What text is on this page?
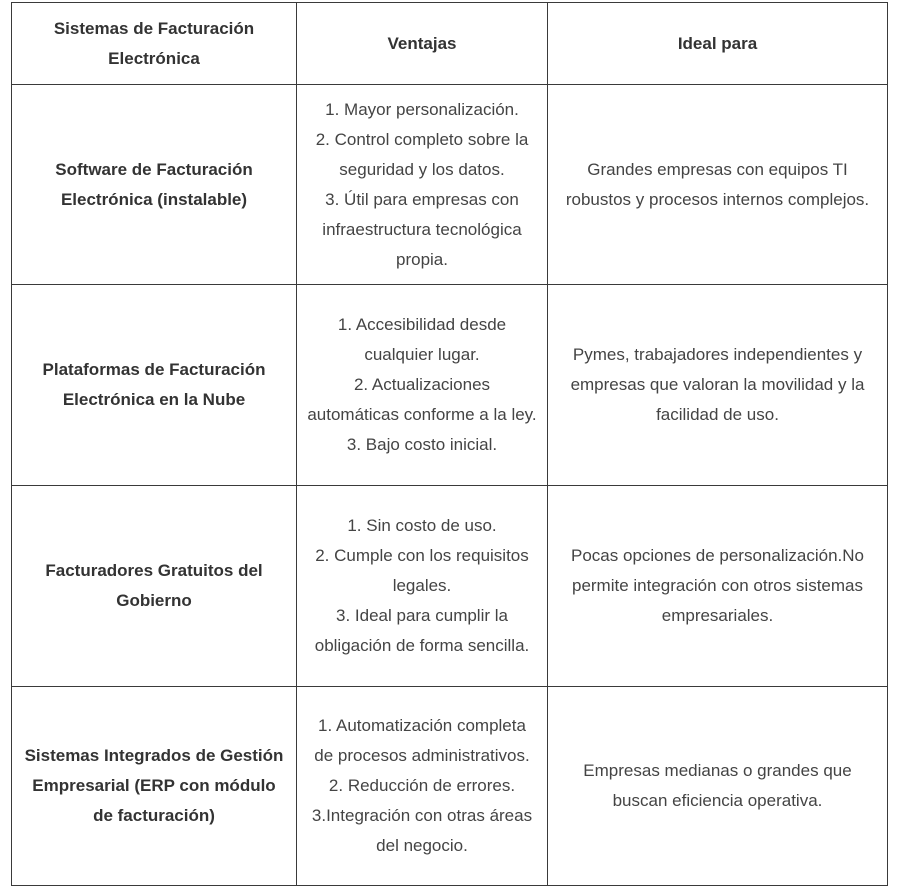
Sistemas de Facturación Electrónica	Ventajas	Ideal para
Software de Facturación Electrónica (instalable)	1. Mayor personalización.
2. Control completo sobre la seguridad y los datos.
3. Útil para empresas con infraestructura tecnológica propia.	Grandes empresas con equipos TI robustos y procesos internos complejos.
Plataformas de Facturación Electrónica en la Nube	1. Accesibilidad desde cualquier lugar.
2. Actualizaciones automáticas conforme a la ley.
3. Bajo costo inicial.	Pymes, trabajadores independientes y empresas que valoran la movilidad y la facilidad de uso.
Facturadores Gratuitos del Gobierno	1. Sin costo de uso.
2. Cumple con los requisitos legales.
3. Ideal para cumplir la obligación de forma sencilla.	Pocas opciones de personalización.No permite integración con otros sistemas empresariales.
Sistemas Integrados de Gestión Empresarial (ERP con módulo de facturación)	1. Automatización completa de procesos administrativos.
2. Reducción de errores.
3.Integración con otras áreas del negocio.	Empresas medianas o grandes que buscan eficiencia operativa.
